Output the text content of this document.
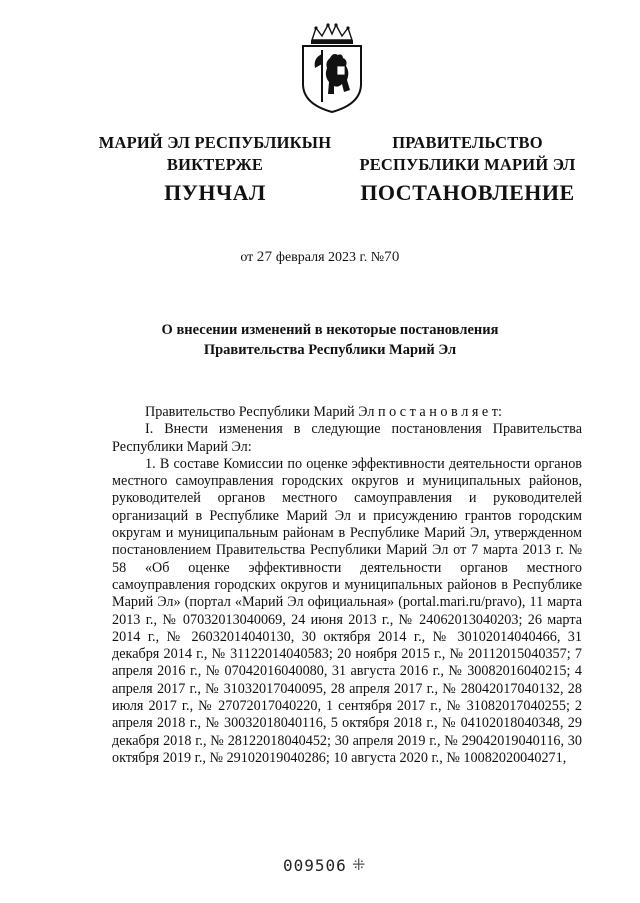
МАРИЙ ЭЛ РЕСПУБЛИКЫН
ВИКТЕРЖЕ
ПУНЧАЛ
ПРАВИТЕЛЬСТВО
РЕСПУБЛИКИ МАРИЙ ЭЛ
ПОСТАНОВЛЕНИЕ
от 27 февраля 2023 г. №70
О внесении изменений в некоторые постановления
Правительства Республики Марий Эл

Правительство Республики Марий Эл п о с т а н о в л я е т:

I. Внести изменения в следующие постановления Правительства Республики Марий Эл:

1. В составе Комиссии по оценке эффективности деятельности органов местного самоуправления городских округов и муниципальных районов, руководителей органов местного самоуправления и руководителей организаций в Республике Марий Эл и присуждению грантов городским округам и муниципальным районам в Республике Марий Эл, утвержденном постановлением Правительства Республики Марий Эл от 7 марта 2013 г. № 58 «Об оценке эффективности деятельности органов местного самоуправления городских округов и муниципальных районов в Республике Марий Эл» (портал «Марий Эл официальная» (portal.mari.ru/pravo), 11 марта 2013 г., № 07032013040069, 24 июня 2013 г., № 24062013040203; 26 марта 2014 г., № 26032014040130, 30 октября 2014 г., № 30102014040466, 31 декабря 2014 г., № 31122014040583; 20 ноября 2015 г., № 20112015040357; 7 апреля 2016 г., № 07042016040080, 31 августа 2016 г., № 30082016040215; 4 апреля 2017 г., № 31032017040095, 28 апреля 2017 г., № 28042017040132, 28 июля 2017 г., № 27072017040220, 1 сентября 2017 г., № 31082017040255; 2 апреля 2018 г., № 30032018040116, 5 октября 2018 г., № 04102018040348, 29 декабря 2018 г., № 28122018040452; 30 апреля 2019 г., № 29042019040116, 30 октября 2019 г., № 29102019040286; 10 августа 2020 г., № 10082020040271,

009506 ⁜
